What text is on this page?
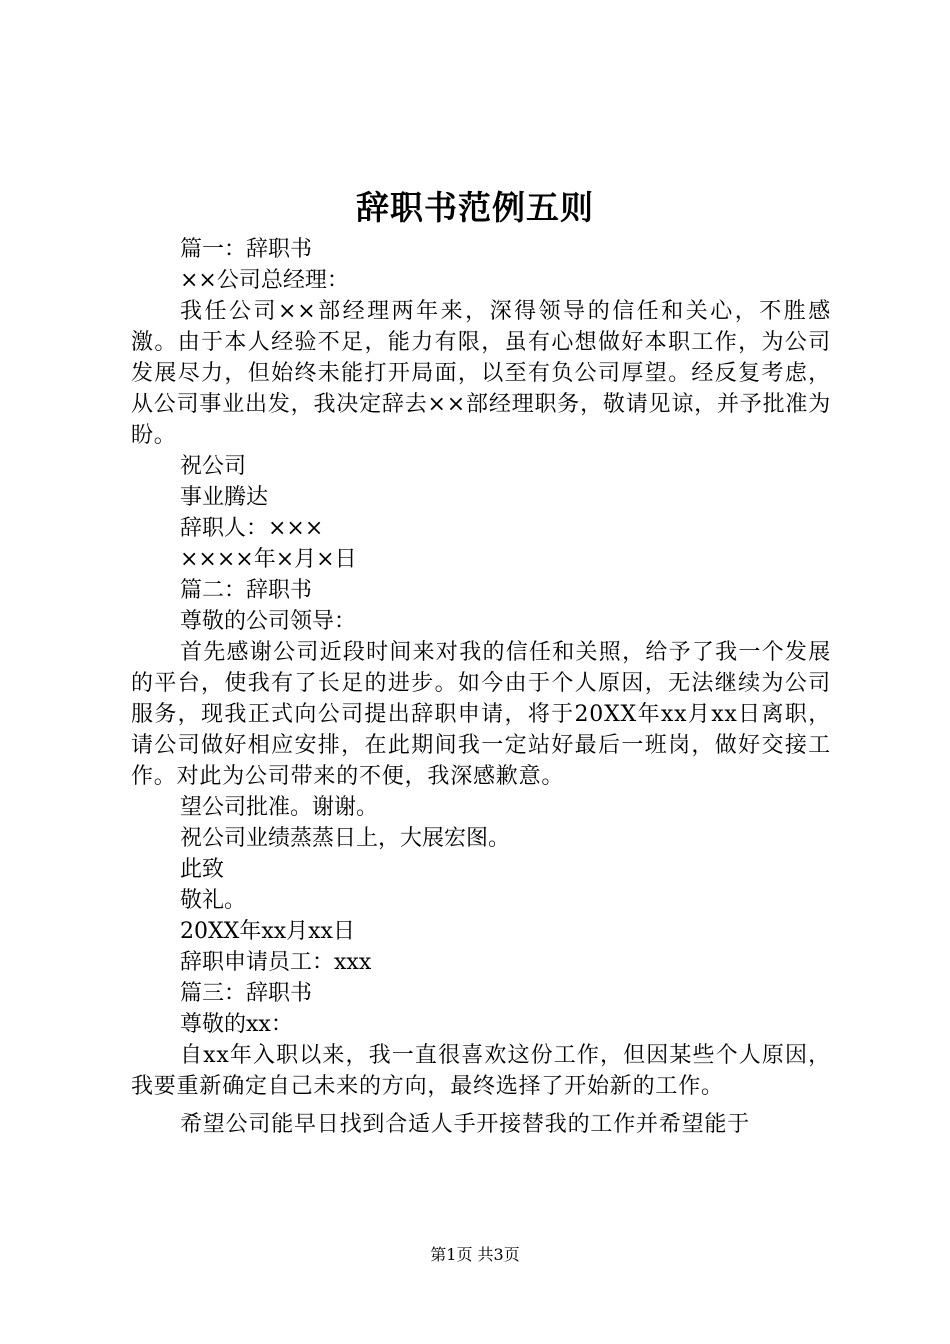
辞职书范例五则

篇一：辞职书

××公司总经理：

我任公司××部经理两年来，深得领导的信任和关心，不胜感激。由于本人经验不足，能力有限，虽有心想做好本职工作，为公司发展尽力，但始终未能打开局面，以至有负公司厚望。经反复考虑，从公司事业出发，我决定辞去××部经理职务，敬请见谅，并予批准为盼。

祝公司

事业腾达

辞职人：×××

××××年×月×日

篇二：辞职书

尊敬的公司领导：

首先感谢公司近段时间来对我的信任和关照，给予了我一个发展的平台，使我有了长足的进步。如今由于个人原因，无法继续为公司服务，现我正式向公司提出辞职申请，将于20XX年xx月xx日离职，请公司做好相应安排，在此期间我一定站好最后一班岗，做好交接工作。对此为公司带来的不便，我深感歉意。

望公司批准。谢谢。

祝公司业绩蒸蒸日上，大展宏图。

此致

敬礼。

20XX年xx月xx日

辞职申请员工：xxx

篇三：辞职书

尊敬的xx：

自xx年入职以来，我一直很喜欢这份工作，但因某些个人原因，我要重新确定自己未来的方向，最终选择了开始新的工作。

希望公司能早日找到合适人手开接替我的工作并希望能于

第1页 共3页
